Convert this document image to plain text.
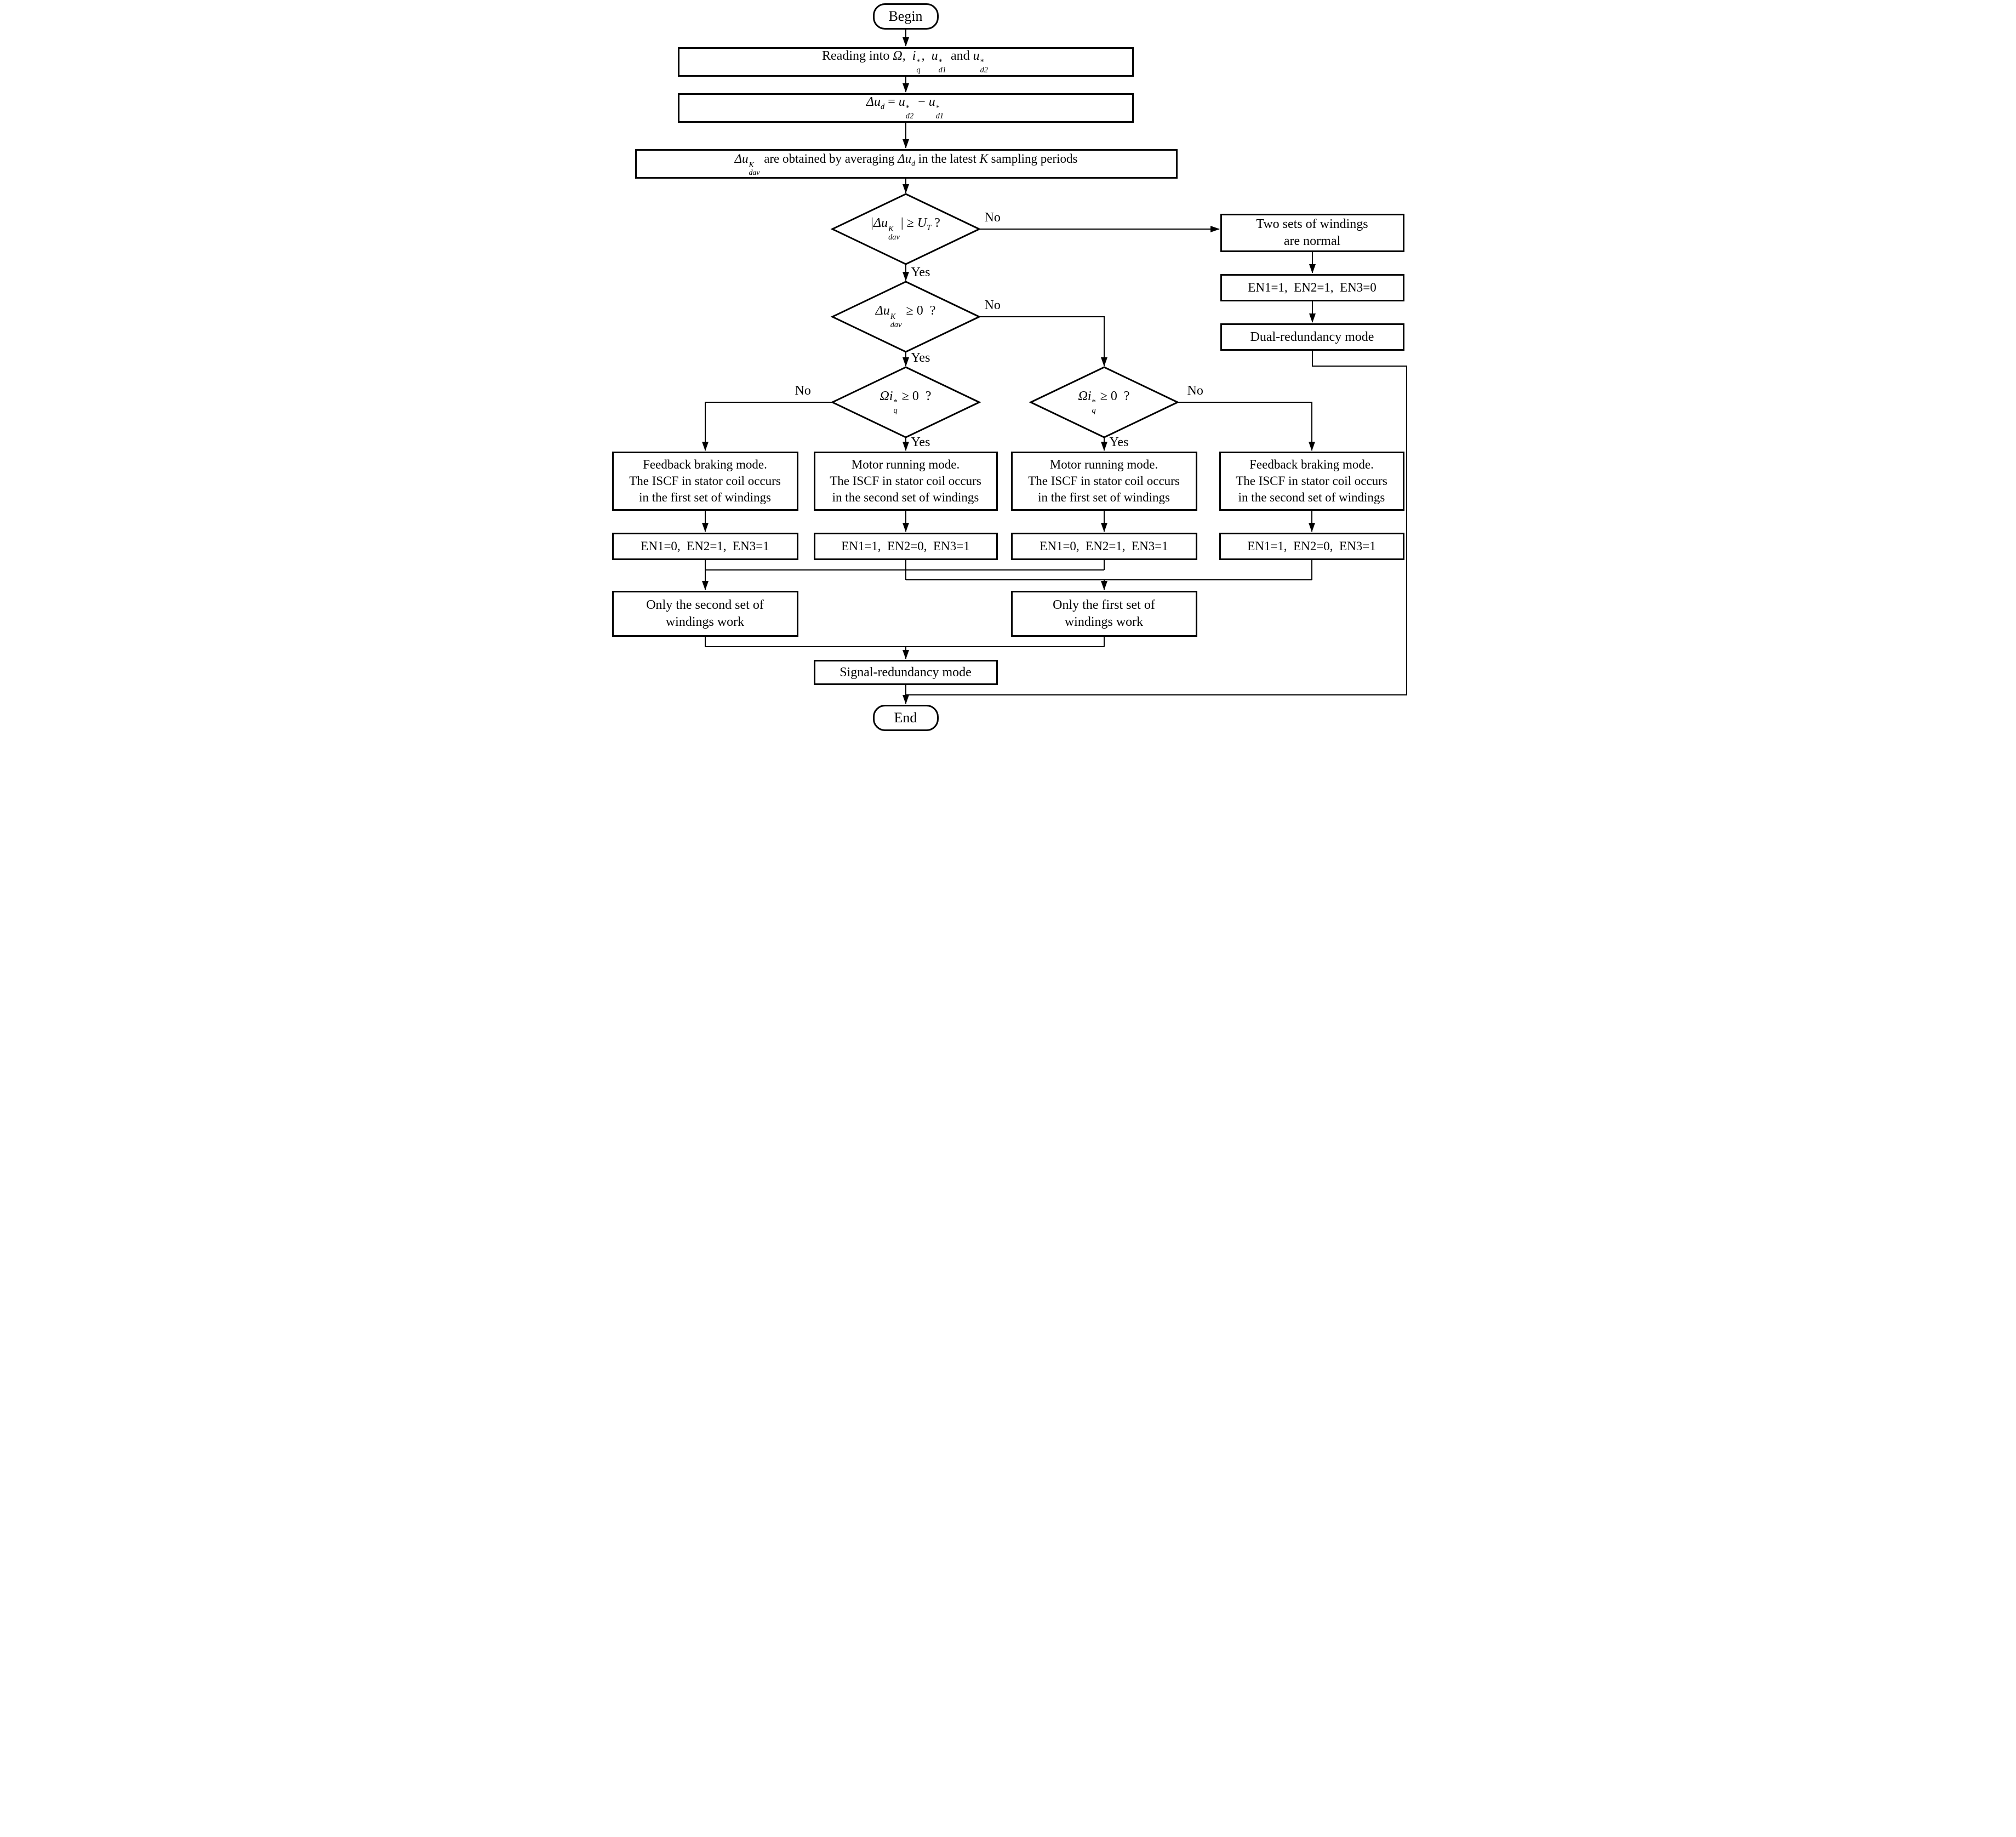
Begin
Reading into Ω,  i *
q
,  u *
d1
and u *
d2
$\Delta u_d = u$ *
d2
− u *
d1
Δu K
dav
are obtained by averaging $\Delta u_d$ in the latest K sampling periods
|Δu K
dav
| ≥ $U_T$ ?
Δu K
dav
≥ 0  ?
Ωi *
q
≥ 0  ?	Ωi *
q
≥ 0  ?
Two sets of windings
are normal
EN1=1,  EN2=1,  EN3=0
Dual-redundancy mode
Feedback braking mode.
The ISCF in stator coil occurs
in the first set of windings
Motor running mode.
The ISCF in stator coil occurs
in the second set of windings
Motor running mode.
The ISCF in stator coil occurs
in the first set of windings
Feedback braking mode.
The ISCF in stator coil occurs
in the second set of windings
EN1=0,  EN2=1,  EN3=1	EN1=1,  EN2=0,  EN3=1	EN1=0,  EN2=1,  EN3=1	EN1=1,  EN2=0,  EN3=1
Only the second set of
windings work
Only the first set of
windings work
Signal-redundancy mode
End
No
Yes
No
Yes
No
Yes	Yes
No
